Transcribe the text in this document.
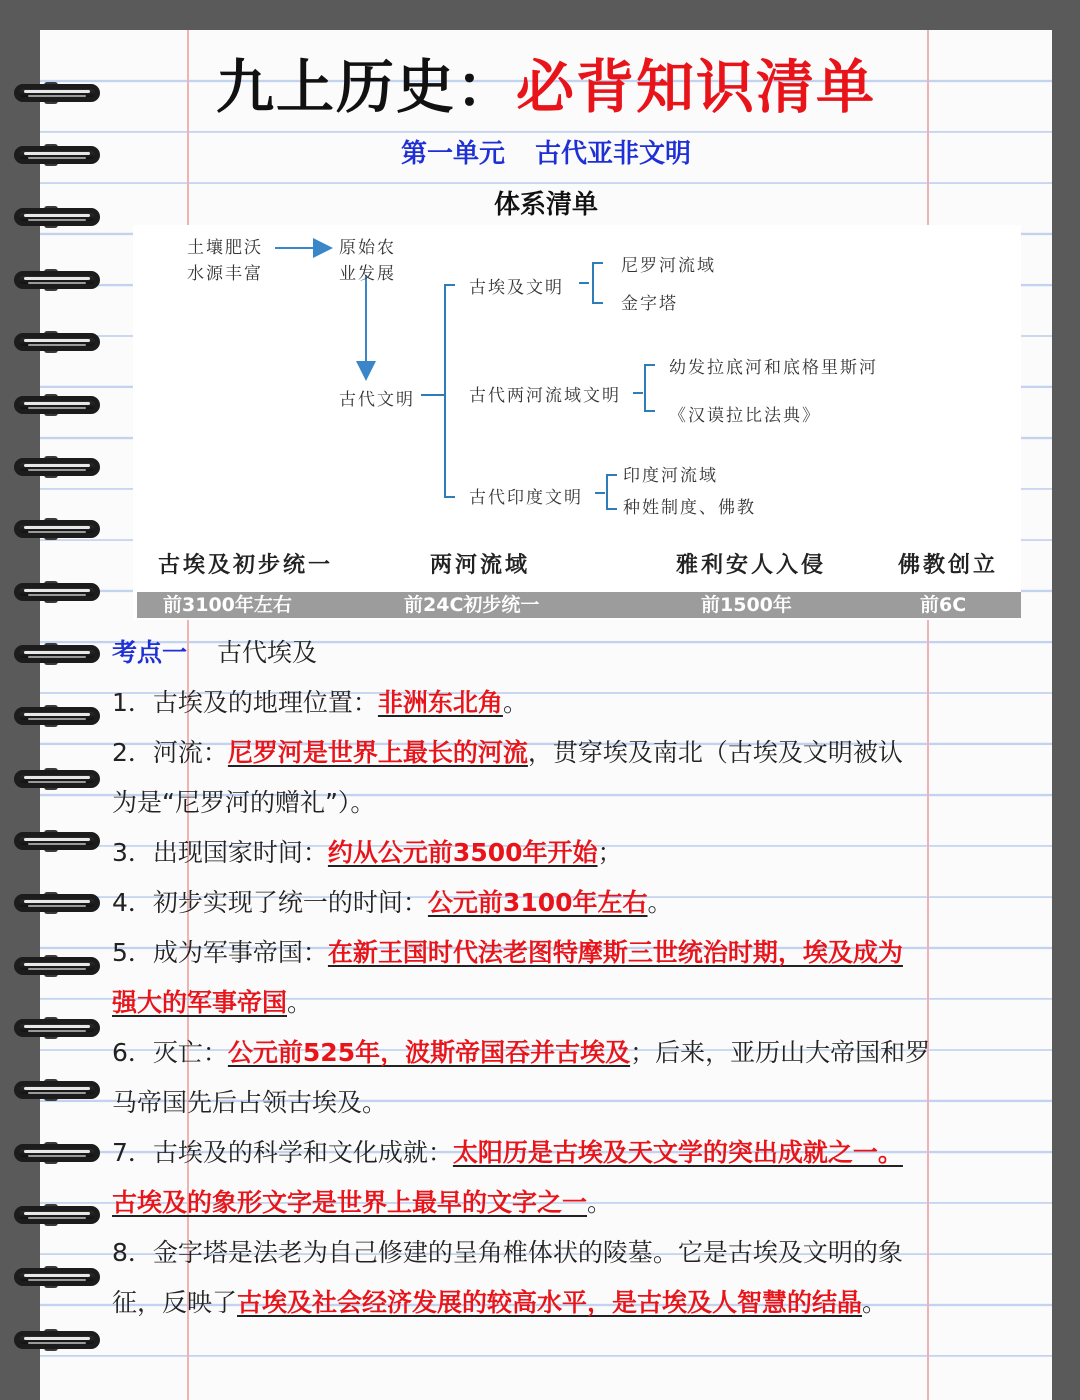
九上历史：必背知识清单
第一单元 古代亚非文明
体系清单
土壤肥沃
水源丰富
原始农
业发展
古代文明
古埃及文明
尼罗河流域
金字塔
古代两河流域文明
幼发拉底河和底格里斯河
《汉谟拉比法典》
古代印度文明
印度河流域
种姓制度、佛教
古埃及初步统一	两河流域	雅利安人入侵	佛教创立
前3100年左右	前24C初步统一	前1500年	前6C
考点一 古代埃及
1．古埃及的地理位置：非洲东北角。
2．河流：尼罗河是世界上最长的河流，贯穿埃及南北（古埃及文明被认
为是“尼罗河的赠礼”）。
3．出现国家时间：约从公元前3500年开始；
4．初步实现了统一的时间：公元前3100年左右。
5．成为军事帝国：在新王国时代法老图特摩斯三世统治时期，埃及成为
强大的军事帝国。
6．灭亡：公元前525年，波斯帝国吞并古埃及；后来，亚历山大帝国和罗
马帝国先后占领古埃及。
7．古埃及的科学和文化成就：太阳历是古埃及天文学的突出成就之一。
古埃及的象形文字是世界上最早的文字之一。
8．金字塔是法老为自己修建的呈角椎体状的陵墓。它是古埃及文明的象
征，反映了古埃及社会经济发展的较高水平，是古埃及人智慧的结晶。
